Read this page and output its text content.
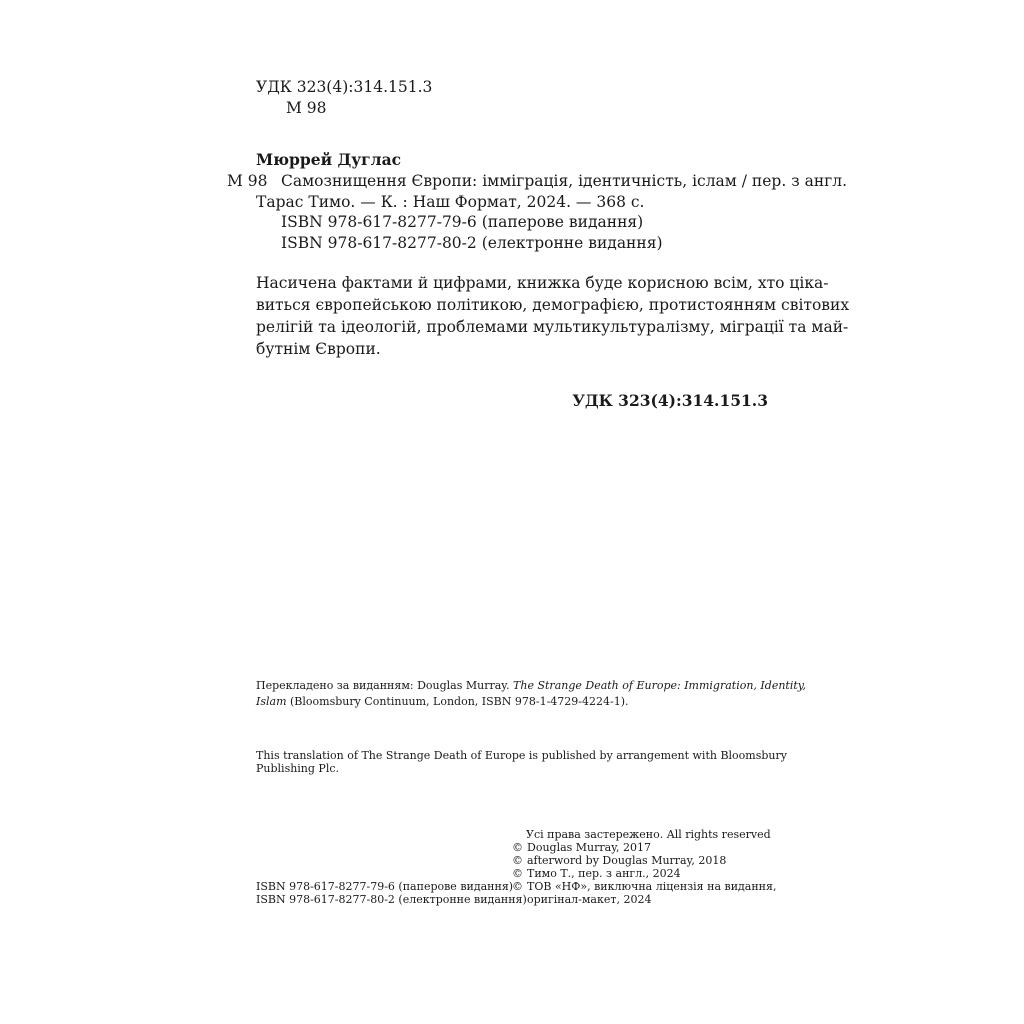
УДК 323(4):314.151.3
М 98
Мюррей Дуглас
М 98 Самознищення Європи: імміграція, ідентичність, іслам / пер. з англ.
Тарас Тимо. — К. : Наш Формат, 2024. — 368 с.
ISBN 978-617-8277-79-6 (паперове видання)
ISBN 978-617-8277-80-2 (електронне видання)
Насичена фактами й цифрами, книжка буде корисною всім, хто ціка-
виться європейською політикою, демографією, протистоянням світових
релігій та ідеологій, проблемами мультикультуралізму, міграції та май-
бутнім Європи.
УДК 323(4):314.151.3
Перекладено за виданням: Douglas Murray. The Strange Death of Europe: Immigration, Identity,
Islam (Bloomsbury Continuum, London, ISBN 978-1-4729-4224-1).
This translation of The Strange Death of Europe is published by arrangement with Bloomsbury
Publishing Plc.
Усі права застережено. All rights reserved
© Douglas Murray, 2017
© afterword by Douglas Murray, 2018
© Тимо Т., пер. з англ., 2024
© ТОВ «НФ», виключна ліцензія на видання,
оригінал-макет, 2024
ISBN 978-617-8277-79-6 (паперове видання)
ISBN 978-617-8277-80-2 (електронне видання)
